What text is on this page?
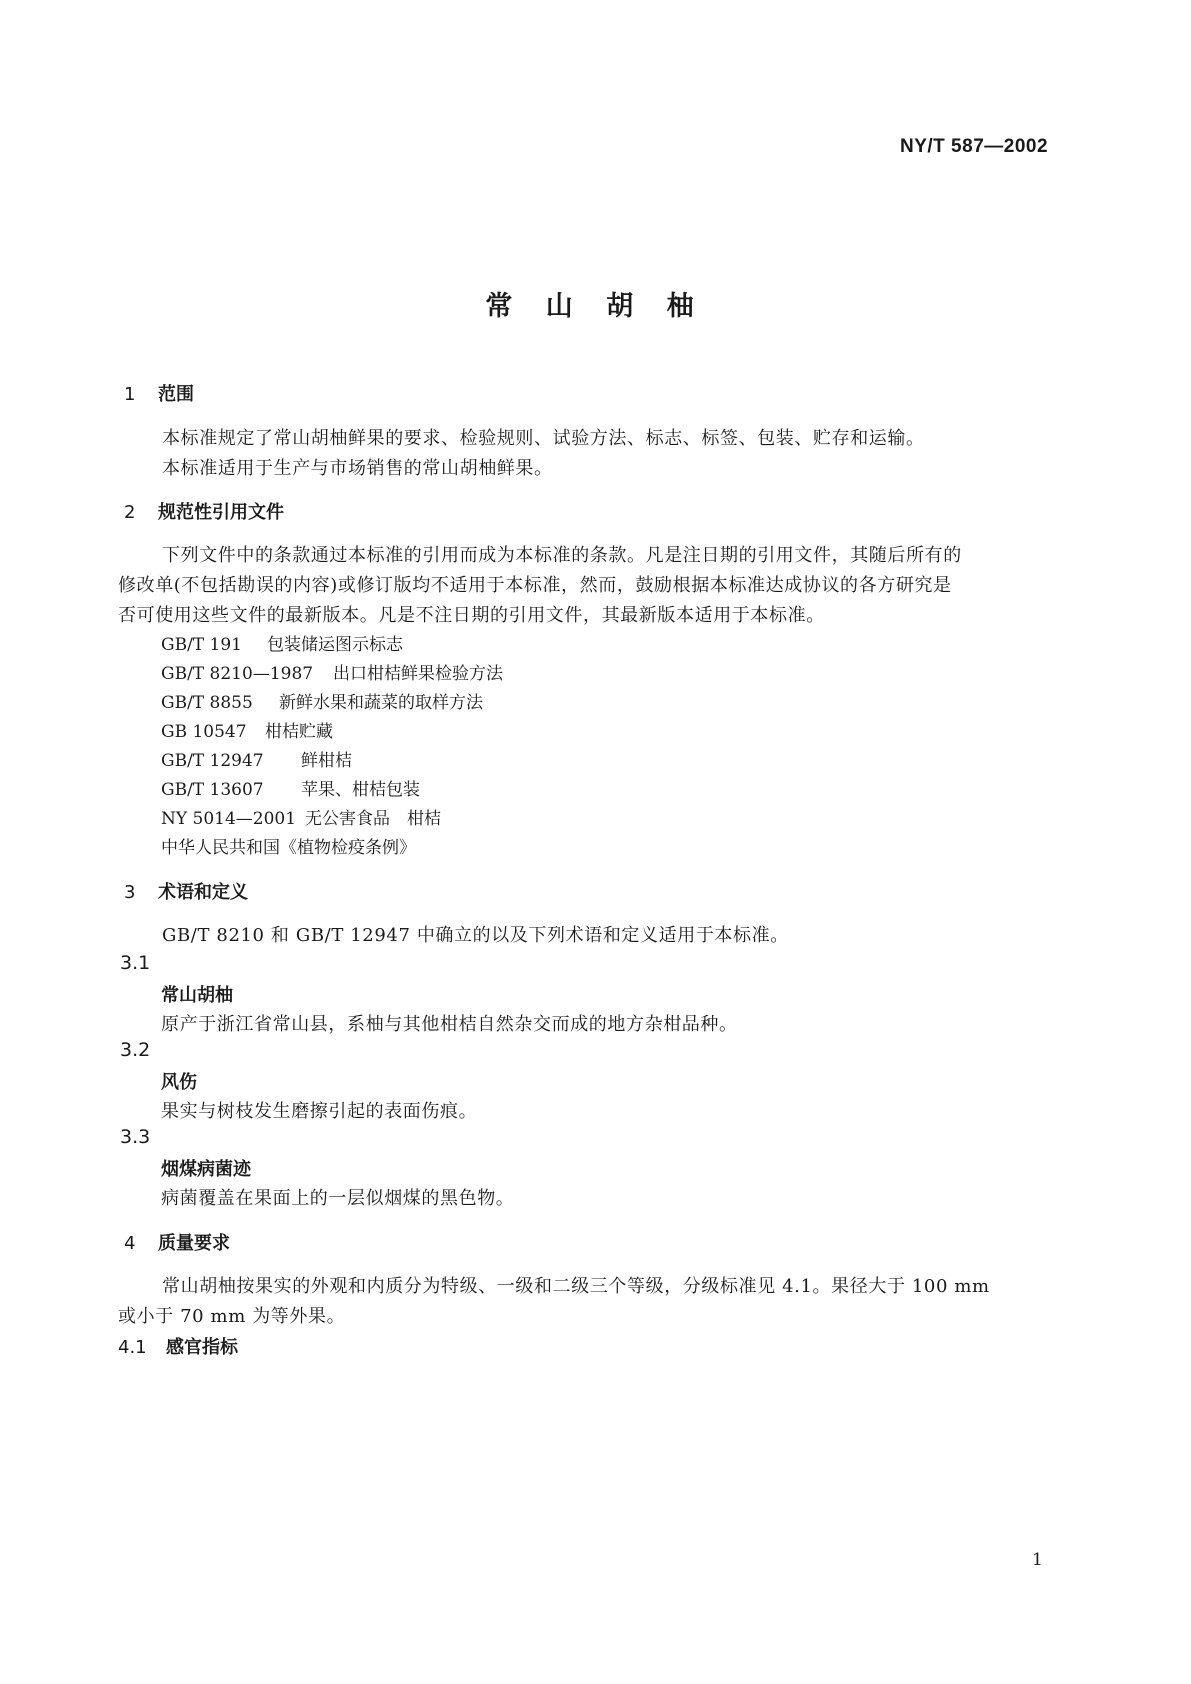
NY/T 587—2002
常 山 胡 柚
1 范围
本标准规定了常山胡柚鲜果的要求、检验规则、试验方法、标志、标签、包装、贮存和运输。
本标准适用于生产与市场销售的常山胡柚鲜果。
2 规范性引用文件
下列文件中的条款通过本标准的引用而成为本标准的条款。凡是注日期的引用文件，其随后所有的
修改单(不包括勘误的内容)或修订版均不适用于本标准，然而，鼓励根据本标准达成协议的各方研究是
否可使用这些文件的最新版本。凡是不注日期的引用文件，其最新版本适用于本标准。
GB/T 191 包装储运图示标志
GB/T 8210—1987 出口柑桔鲜果检验方法
GB/T 8855 新鲜水果和蔬菜的取样方法
GB 10547 柑桔贮藏
GB/T 12947 鲜柑桔
GB/T 13607 苹果、柑桔包装
NY 5014—2001 无公害食品　柑桔
中华人民共和国《植物检疫条例》
3 术语和定义
GB/T 8210 和 GB/T 12947 中确立的以及下列术语和定义适用于本标准。
3.1
常山胡柚
原产于浙江省常山县，系柚与其他柑桔自然杂交而成的地方杂柑品种。
3.2
风伤
果实与树枝发生磨擦引起的表面伤痕。
3.3
烟煤病菌迹
病菌覆盖在果面上的一层似烟煤的黑色物。
4 质量要求
常山胡柚按果实的外观和内质分为特级、一级和二级三个等级，分级标准见 4.1。果径大于 100 mm
或小于 70 mm 为等外果。
4.1 感官指标
1
